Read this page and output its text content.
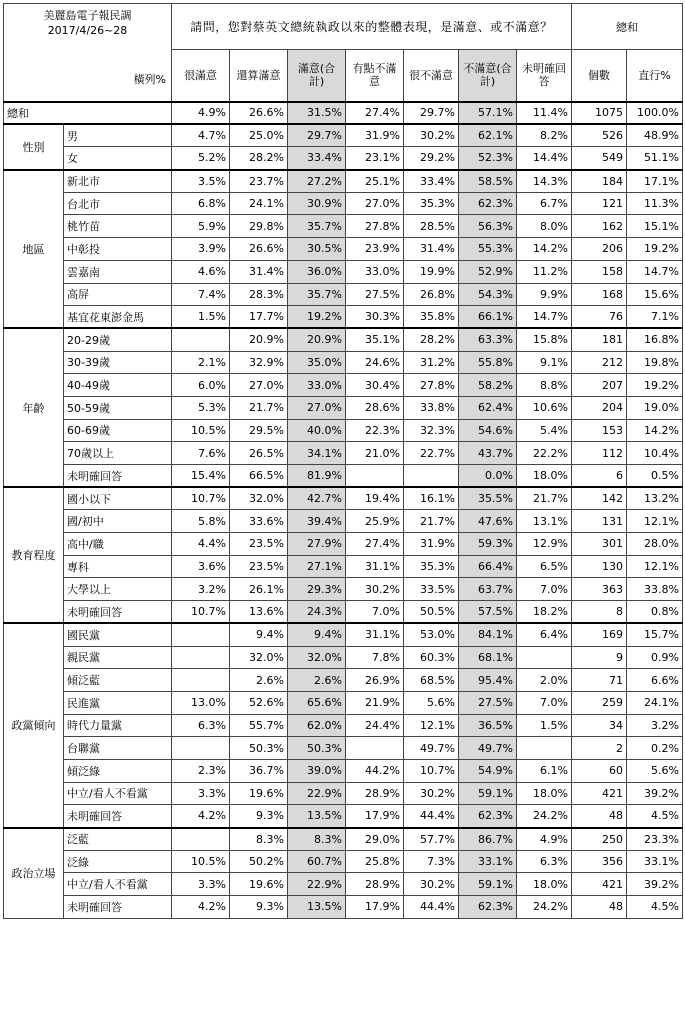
美麗島電子報民調
2017/4/26~28
橫列%		請問，您對蔡英文總統執政以來的整體表現，是滿意、或不滿意？							總和	
		很滿意	還算滿意	滿意(合計)	有點不滿意	很不滿意	不滿意(合計)	未明確回答	個數	直行%
總和		4.9%	26.6%	31.5%	27.4%	29.7%	57.1%	11.4%	1075	100.0%
性別	男	4.7%	25.0%	29.7%	31.9%	30.2%	62.1%	8.2%	526	48.9%
	女	5.2%	28.2%	33.4%	23.1%	29.2%	52.3%	14.4%	549	51.1%
地區	新北市	3.5%	23.7%	27.2%	25.1%	33.4%	58.5%	14.3%	184	17.1%
	台北市	6.8%	24.1%	30.9%	27.0%	35.3%	62.3%	6.7%	121	11.3%
	桃竹苗	5.9%	29.8%	35.7%	27.8%	28.5%	56.3%	8.0%	162	15.1%
	中彰投	3.9%	26.6%	30.5%	23.9%	31.4%	55.3%	14.2%	206	19.2%
	雲嘉南	4.6%	31.4%	36.0%	33.0%	19.9%	52.9%	11.2%	158	14.7%
	高屏	7.4%	28.3%	35.7%	27.5%	26.8%	54.3%	9.9%	168	15.6%
	基宜花東澎金馬	1.5%	17.7%	19.2%	30.3%	35.8%	66.1%	14.7%	76	7.1%
年齡	20-29歲		20.9%	20.9%	35.1%	28.2%	63.3%	15.8%	181	16.8%
	30-39歲	2.1%	32.9%	35.0%	24.6%	31.2%	55.8%	9.1%	212	19.8%
	40-49歲	6.0%	27.0%	33.0%	30.4%	27.8%	58.2%	8.8%	207	19.2%
	50-59歲	5.3%	21.7%	27.0%	28.6%	33.8%	62.4%	10.6%	204	19.0%
	60-69歲	10.5%	29.5%	40.0%	22.3%	32.3%	54.6%	5.4%	153	14.2%
	70歲以上	7.6%	26.5%	34.1%	21.0%	22.7%	43.7%	22.2%	112	10.4%
	未明確回答	15.4%	66.5%	81.9%			0.0%	18.0%	6	0.5%
教育程度	國小以下	10.7%	32.0%	42.7%	19.4%	16.1%	35.5%	21.7%	142	13.2%
	國/初中	5.8%	33.6%	39.4%	25.9%	21.7%	47.6%	13.1%	131	12.1%
	高中/職	4.4%	23.5%	27.9%	27.4%	31.9%	59.3%	12.9%	301	28.0%
	專科	3.6%	23.5%	27.1%	31.1%	35.3%	66.4%	6.5%	130	12.1%
	大學以上	3.2%	26.1%	29.3%	30.2%	33.5%	63.7%	7.0%	363	33.8%
	未明確回答	10.7%	13.6%	24.3%	7.0%	50.5%	57.5%	18.2%	8	0.8%
政黨傾向	國民黨		9.4%	9.4%	31.1%	53.0%	84.1%	6.4%	169	15.7%
	親民黨		32.0%	32.0%	7.8%	60.3%	68.1%		9	0.9%
	傾泛藍		2.6%	2.6%	26.9%	68.5%	95.4%	2.0%	71	6.6%
	民進黨	13.0%	52.6%	65.6%	21.9%	5.6%	27.5%	7.0%	259	24.1%
	時代力量黨	6.3%	55.7%	62.0%	24.4%	12.1%	36.5%	1.5%	34	3.2%
	台聯黨		50.3%	50.3%		49.7%	49.7%		2	0.2%
	傾泛綠	2.3%	36.7%	39.0%	44.2%	10.7%	54.9%	6.1%	60	5.6%
	中立/看人不看黨	3.3%	19.6%	22.9%	28.9%	30.2%	59.1%	18.0%	421	39.2%
	未明確回答	4.2%	9.3%	13.5%	17.9%	44.4%	62.3%	24.2%	48	4.5%
政治立場	泛藍		8.3%	8.3%	29.0%	57.7%	86.7%	4.9%	250	23.3%
	泛綠	10.5%	50.2%	60.7%	25.8%	7.3%	33.1%	6.3%	356	33.1%
	中立/看人不看黨	3.3%	19.6%	22.9%	28.9%	30.2%	59.1%	18.0%	421	39.2%
	未明確回答	4.2%	9.3%	13.5%	17.9%	44.4%	62.3%	24.2%	48	4.5%
